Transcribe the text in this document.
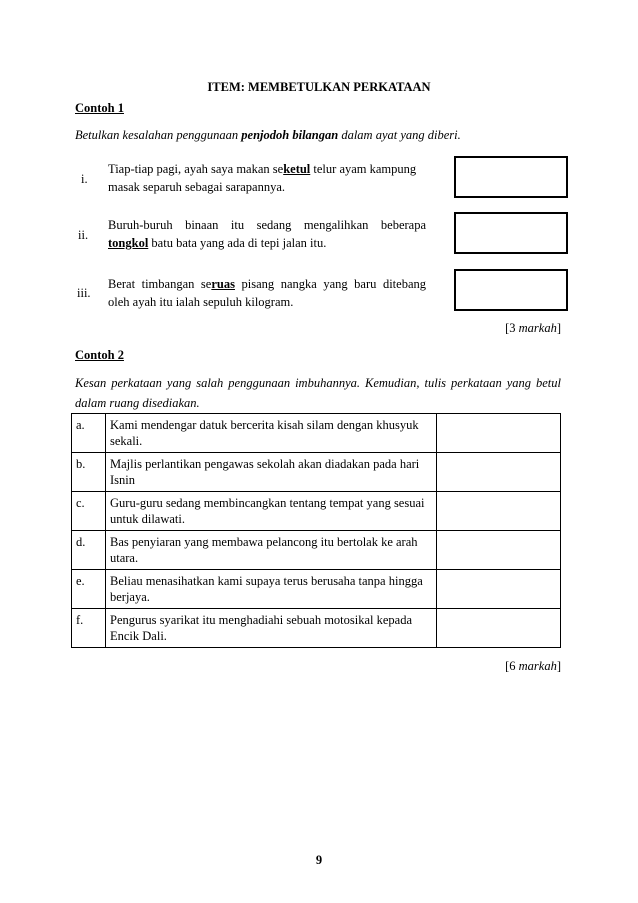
ITEM: MEMBETULKAN PERKATAAN
Contoh 1
Betulkan kesalahan penggunaan penjodoh bilangan dalam ayat yang diberi.
i.
Tiap-tiap pagi, ayah saya makan seketul telur ayam kampung
masak separuh sebagai sarapannya.
ii.
Buruh-buruh binaan itu sedang mengalihkan beberapa
tongkol batu bata yang ada di tepi jalan itu.
iii.
Berat timbangan seruas pisang nangka yang baru ditebang
oleh ayah itu ialah sepuluh kilogram.
[3 markah]
Contoh 2
Kesan perkataan yang salah penggunaan imbuhannya. Kemudian, tulis perkataan yang betul dalam ruang disediakan.
a.	Kami mendengar datuk bercerita kisah silam dengan khusyuk sekali.	
b.	Majlis perlantikan pengawas sekolah akan diadakan pada hari Isnin	
c.	Guru-guru sedang membincangkan tentang tempat yang sesuai untuk dilawati.	
d.	Bas penyiaran yang membawa pelancong itu bertolak ke arah utara.	
e.	Beliau menasihatkan kami supaya terus berusaha tanpa hingga berjaya.	
f.	Pengurus syarikat itu menghadiahi sebuah motosikal kepada Encik Dali.	
[6 markah]
9
